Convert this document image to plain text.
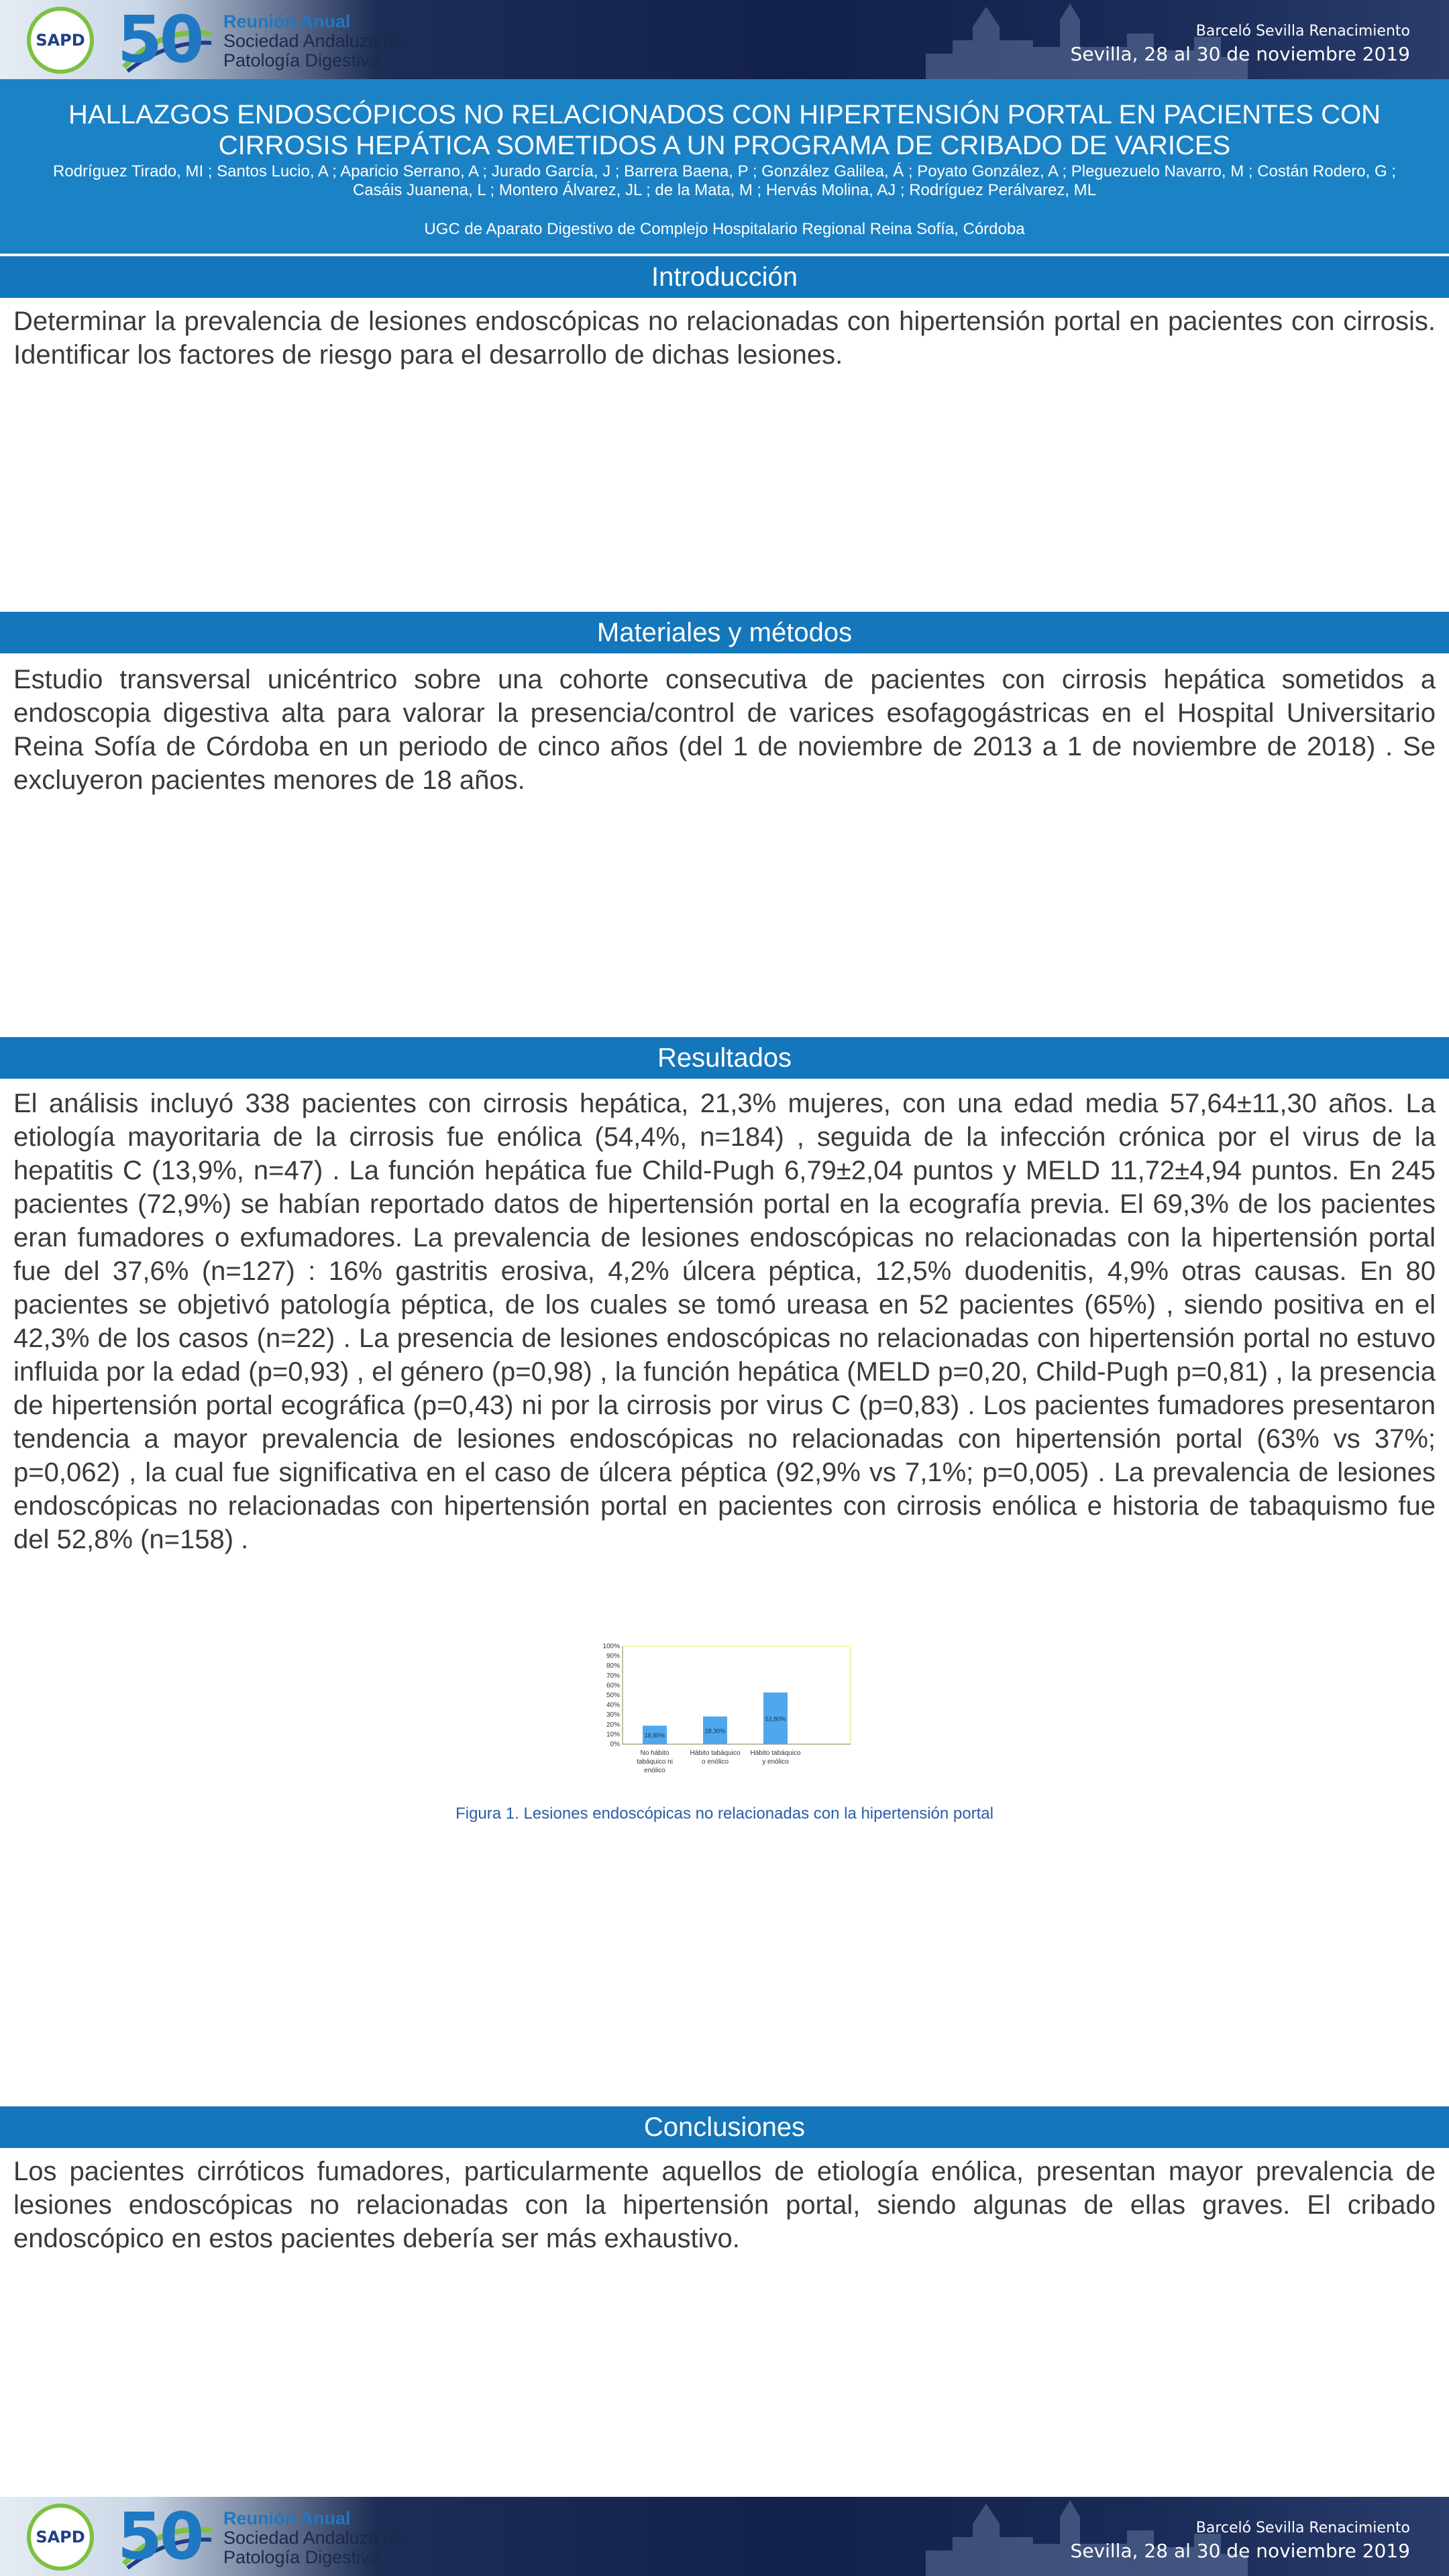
SAPD 50 Reunión Anual
Sociedad Andaluza de
Patología Digestiva
Barceló Sevilla Renacimiento
Sevilla, 28 al 30 de noviembre 2019
HALLAZGOS ENDOSCÓPICOS NO RELACIONADOS CON HIPERTENSIÓN PORTAL EN PACIENTES CON CIRROSIS HEPÁTICA SOMETIDOS A UN PROGRAMA DE CRIBADO DE VARICES
Rodríguez Tirado, MI ; Santos Lucio, A ; Aparicio Serrano, A ; Jurado García, J ; Barrera Baena, P ; González Galilea, Á ; Poyato González, A ; Pleguezuelo Navarro, M ; Costán Rodero, G ; Casáis Juanena, L ; Montero Álvarez, JL ; de la Mata, M ; Hervás Molina, AJ ; Rodríguez Perálvarez, ML
UGC de Aparato Digestivo de Complejo Hospitalario Regional Reina Sofía, Córdoba
Introducción

Determinar la prevalencia de lesiones endoscópicas no relacionadas con hipertensión portal en pacientes con cirrosis. Identificar los factores de riesgo para el desarrollo de dichas lesiones.

Materiales y métodos

Estudio transversal unicéntrico sobre una cohorte consecutiva de pacientes con cirrosis hepática sometidos a endoscopia digestiva alta para valorar la presencia/control de varices esofagogástricas en el Hospital Universitario Reina Sofía de Córdoba en un periodo de cinco años (del 1 de noviembre de 2013 a 1 de noviembre de 2018) . Se excluyeron pacientes menores de 18 años.

Resultados

El análisis incluyó 338 pacientes con cirrosis hepática, 21,3% mujeres, con una edad media 57,64±11,30 años. La etiología mayoritaria de la cirrosis fue enólica (54,4%, n=184) , seguida de la infección crónica por el virus de la hepatitis C (13,9%, n=47) . La función hepática fue Child-Pugh 6,79±2,04 puntos y MELD 11,72±4,94 puntos. En 245 pacientes (72,9%) se habían reportado datos de hipertensión portal en la ecografía previa. El 69,3% de los pacientes eran fumadores o exfumadores. La prevalencia de lesiones endoscópicas no relacionadas con la hipertensión portal fue del 37,6% (n=127) : 16% gastritis erosiva, 4,2% úlcera péptica, 12,5% duodenitis, 4,9% otras causas. En 80 pacientes se objetivó patología péptica, de los cuales se tomó ureasa en 52 pacientes (65%) , siendo positiva en el 42,3% de los casos (n=22) . La presencia de lesiones endoscópicas no relacionadas con hipertensión portal no estuvo influida por la edad (p=0,93) , el género (p=0,98) , la función hepática (MELD p=0,20, Child-Pugh p=0,81) , la presencia de hipertensión portal ecográfica (p=0,43) ni por la cirrosis por virus C (p=0,83) . Los pacientes fumadores presentaron tendencia a mayor prevalencia de lesiones endoscópicas no relacionadas con hipertensión portal (63% vs 37%; p=0,062) , la cual fue significativa en el caso de úlcera péptica (92,9% vs 7,1%; p=0,005) . La prevalencia de lesiones endoscópicas no relacionadas con hipertensión portal en pacientes con cirrosis enólica e historia de tabaquismo fue del 52,8% (n=158) .

0%
10%
20%
30%
40%
50%
60%
70%
80%
90%
100%
18,90%
No hábito
tabáquico ni
enólico
28,30%
Hábito tabáquico
o enólico
52,80%
Hábito tabáquico
y enólico
Figura 1. Lesiones endoscópicas no relacionadas con la hipertensión portal
Conclusiones

Los pacientes cirróticos fumadores, particularmente aquellos de etiología enólica, presentan mayor prevalencia de lesiones endoscópicas no relacionadas con la hipertensión portal, siendo algunas de ellas graves. El cribado endoscópico en estos pacientes debería ser más exhaustivo.

SAPD 50 Reunión Anual
Sociedad Andaluza de
Patología Digestiva
Barceló Sevilla Renacimiento
Sevilla, 28 al 30 de noviembre 2019
